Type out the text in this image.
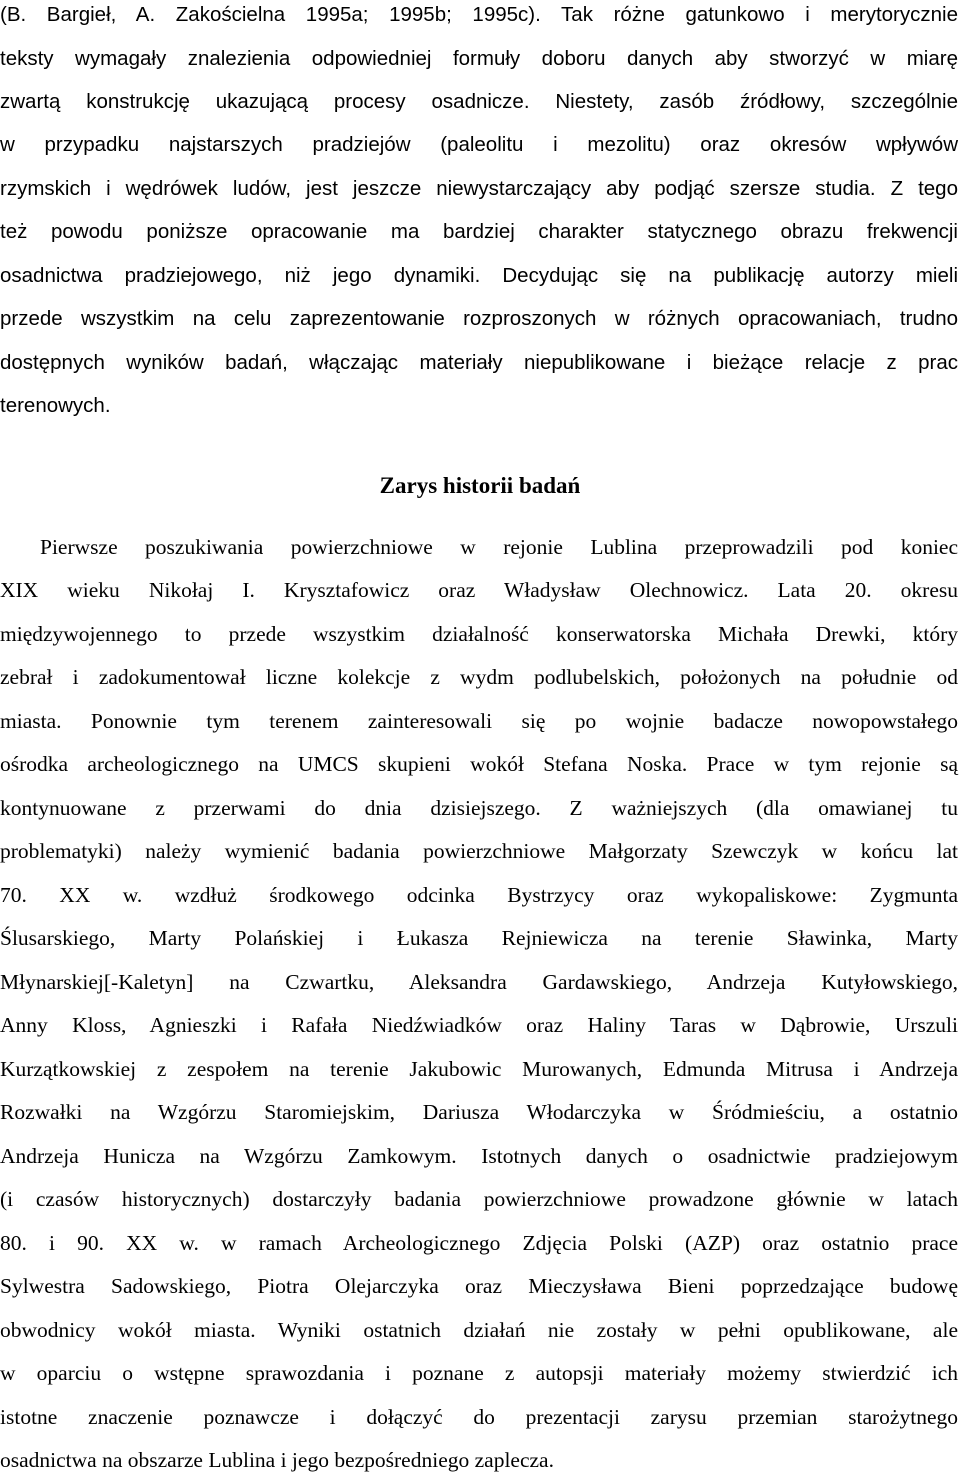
(B. Bargieł, A. Zakościelna 1995a; 1995b; 1995c). Tak różne gatunkowo i merytorycznie
teksty wymagały znalezienia odpowiedniej formuły doboru danych aby stworzyć w miarę
zwartą konstrukcję ukazującą procesy osadnicze. Niestety, zasób źródłowy, szczególnie
w przypadku najstarszych pradziejów (paleolitu i mezolitu) oraz okresów wpływów
rzymskich i wędrówek ludów, jest jeszcze niewystarczający aby podjąć szersze studia. Z tego
też powodu poniższe opracowanie ma bardziej charakter statycznego obrazu frekwencji
osadnictwa pradziejowego, niż jego dynamiki. Decydując się na publikację autorzy mieli
przede wszystkim na celu zaprezentowanie rozproszonych w różnych opracowaniach, trudno
dostępnych wyników badań, włączając materiały niepublikowane i bieżące relacje z prac
terenowych.
Zarys historii badań
Pierwsze poszukiwania powierzchniowe w rejonie Lublina przeprowadzili pod koniec
XIX wieku Nikołaj I. Krysztafowicz oraz Władysław Olechnowicz. Lata 20. okresu
międzywojennego to przede wszystkim działalność konserwatorska Michała Drewki, który
zebrał i zadokumentował liczne kolekcje z wydm podlubelskich, położonych na południe od
miasta. Ponownie tym terenem zainteresowali się po wojnie badacze nowopowstałego
ośrodka archeologicznego na UMCS skupieni wokół Stefana Noska. Prace w tym rejonie są
kontynuowane z przerwami do dnia dzisiejszego. Z ważniejszych (dla omawianej tu
problematyki) należy wymienić badania powierzchniowe Małgorzaty Szewczyk w końcu lat
70. XX w. wzdłuż środkowego odcinka Bystrzycy oraz wykopaliskowe: Zygmunta
Ślusarskiego, Marty Polańskiej i Łukasza Rejniewicza na terenie Sławinka, Marty
Młynarskiej[-Kaletyn] na Czwartku, Aleksandra Gardawskiego, Andrzeja Kutyłowskiego,
Anny Kloss, Agnieszki i Rafała Niedźwiadków oraz Haliny Taras w Dąbrowie, Urszuli
Kurzątkowskiej z zespołem na terenie Jakubowic Murowanych, Edmunda Mitrusa i Andrzeja
Rozwałki na Wzgórzu Staromiejskim, Dariusza Włodarczyka w Śródmieściu, a ostatnio
Andrzeja Hunicza na Wzgórzu Zamkowym. Istotnych danych o osadnictwie pradziejowym
(i czasów historycznych) dostarczyły badania powierzchniowe prowadzone głównie w latach
80. i 90. XX w. w ramach Archeologicznego Zdjęcia Polski (AZP) oraz ostatnio prace
Sylwestra Sadowskiego, Piotra Olejarczyka oraz Mieczysława Bieni poprzedzające budowę
obwodnicy wokół miasta. Wyniki ostatnich działań nie zostały w pełni opublikowane, ale
w oparciu o wstępne sprawozdania i poznane z autopsji materiały możemy stwierdzić ich
istotne znaczenie poznawcze i dołączyć do prezentacji zarysu przemian starożytnego
osadnictwa na obszarze Lublina i jego bezpośredniego zaplecza.
